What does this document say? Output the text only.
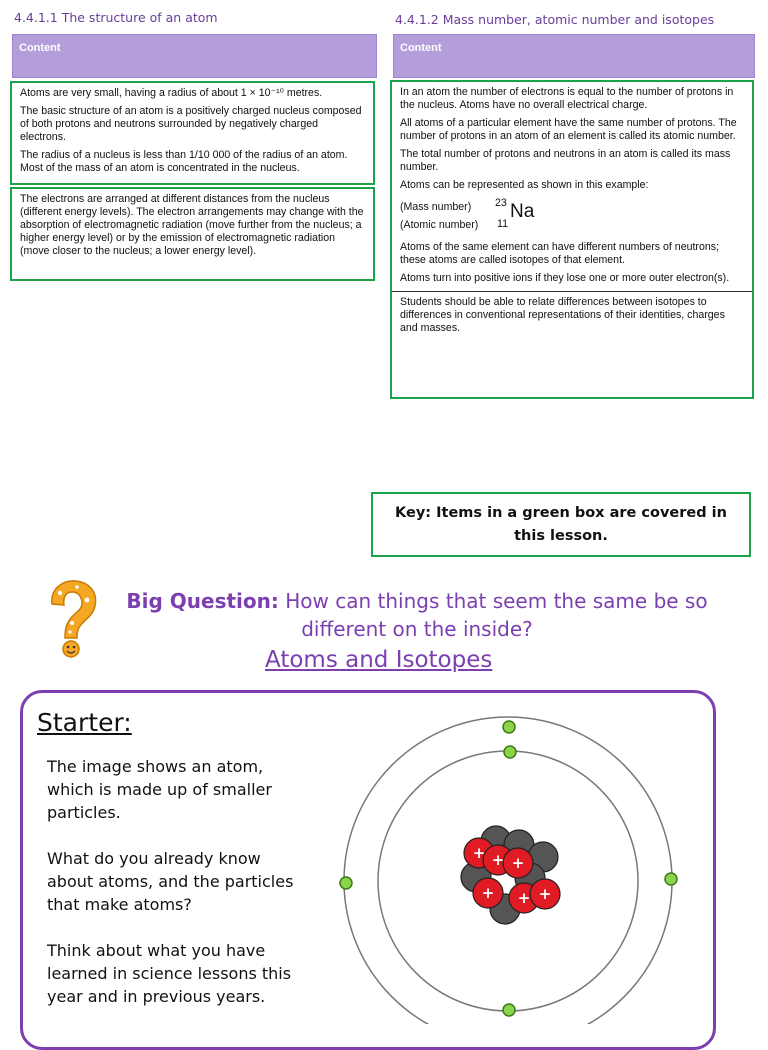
4.4.1.1 The structure of an atom
Content

Atoms are very small, having a radius of about 1 × 10⁻¹⁰ metres.

The basic structure of an atom is a positively charged nucleus composed of both protons and neutrons surrounded by negatively charged electrons.

The radius of a nucleus is less than 1/10 000 of the radius of an atom. Most of the mass of an atom is concentrated in the nucleus.

The electrons are arranged at different distances from the nucleus (different energy levels). The electron arrangements may change with the absorption of electromagnetic radiation (move further from the nucleus; a higher energy level) or by the emission of electromagnetic radiation (move closer to the nucleus; a lower energy level).

4.4.1.2 Mass number, atomic number and isotopes
Content

In an atom the number of electrons is equal to the number of protons in the nucleus. Atoms have no overall electrical charge.

All atoms of a particular element have the same number of protons. The number of protons in an atom of an element is called its atomic number.

The total number of protons and neutrons in an atom is called its mass number.

Atoms can be represented as shown in this example:

(Mass number)
(Atomic number)
23
11
Na

Atoms of the same element can have different numbers of neutrons; these atoms are called isotopes of that element.

Atoms turn into positive ions if they lose one or more outer electron(s).

Students should be able to relate differences between isotopes to differences in conventional representations of their identities, charges and masses.

Key: Items in a green box are covered in this lesson.
Big Question: How can things that seem the same be so different on the inside?
Atoms and Isotopes
Starter:

The image shows an atom, which is made up of smaller particles.

What do you already know about atoms, and the particles that make atoms?

Think about what you have learned in science lessons this year and in previous years.

+ + +
+ + +
